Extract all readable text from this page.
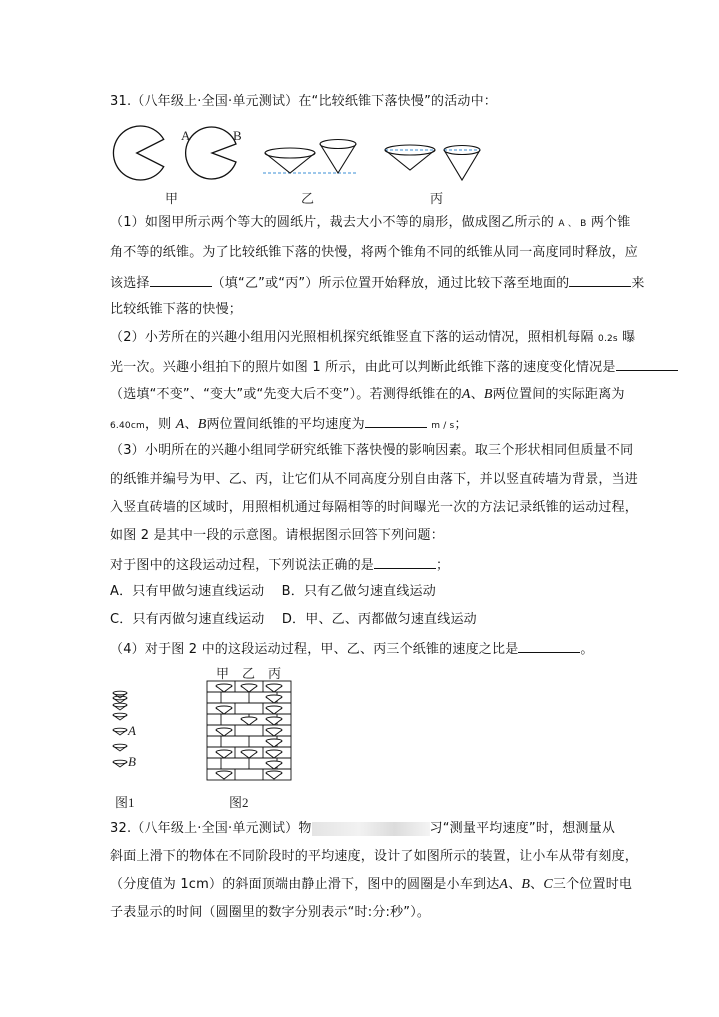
31.（八年级上·全国·单元测试）在“比较纸锥下落快慢”的活动中：
A	B
甲	乙	丙
（1）如图甲所示两个等大的圆纸片，裁去大小不等的扇形，做成图乙所示的 A 、 B 两个锥
角不等的纸锥。为了比较纸锥下落的快慢，将两个锥角不同的纸锥从同一高度同时释放，应
该选择	（填“乙”或“丙”）所示位置开始释放，通过比较下落至地面的	来
比较纸锥下落的快慢；
（2）小芳所在的兴趣小组用闪光照相机探究纸锥竖直下落的运动情况，照相机每隔 0.2s 曝
光一次。兴趣小组拍下的照片如图 1 所示，由此可以判断此纸锥下落的速度变化情况是
（选填“不变”、“变大”或“先变大后不变”）。若测得纸锥在的A、B两位置间的实际距离为
6.40cm，则 A、B两位置间纸锥的平均速度为	m / s；
（3）小明所在的兴趣小组同学研究纸锥下落快慢的影响因素。取三个形状相同但质量不同
的纸锥并编号为甲、乙、丙，让它们从不同高度分别自由落下，并以竖直砖墙为背景，当进
入竖直砖墙的区域时，用照相机通过每隔相等的时间曝光一次的方法记录纸锥的运动过程，
如图 2 是其中一段的示意图。请根据图示回答下列问题：
对于图中的这段运动过程，下列说法正确的是	；
A．只有甲做匀速直线运动 B．只有乙做匀速直线运动
C．只有丙做匀速直线运动 D．甲、乙、丙都做匀速直线运动
（4）对于图 2 中的这段运动过程，甲、乙、丙三个纸锥的速度之比是	。
甲 乙 丙
A
B
图1	图2
32.（八年级上·全国·单元测试）物	习“测量平均速度”时，想测量从
斜面上滑下的物体在不同阶段时的平均速度，设计了如图所示的装置，让小车从带有刻度，
（分度值为 1cm）的斜面顶端由静止滑下，图中的圆圈是小车到达A、B、C三个位置时电
子表显示的时间（圆圈里的数字分别表示“时:分:秒”）。
